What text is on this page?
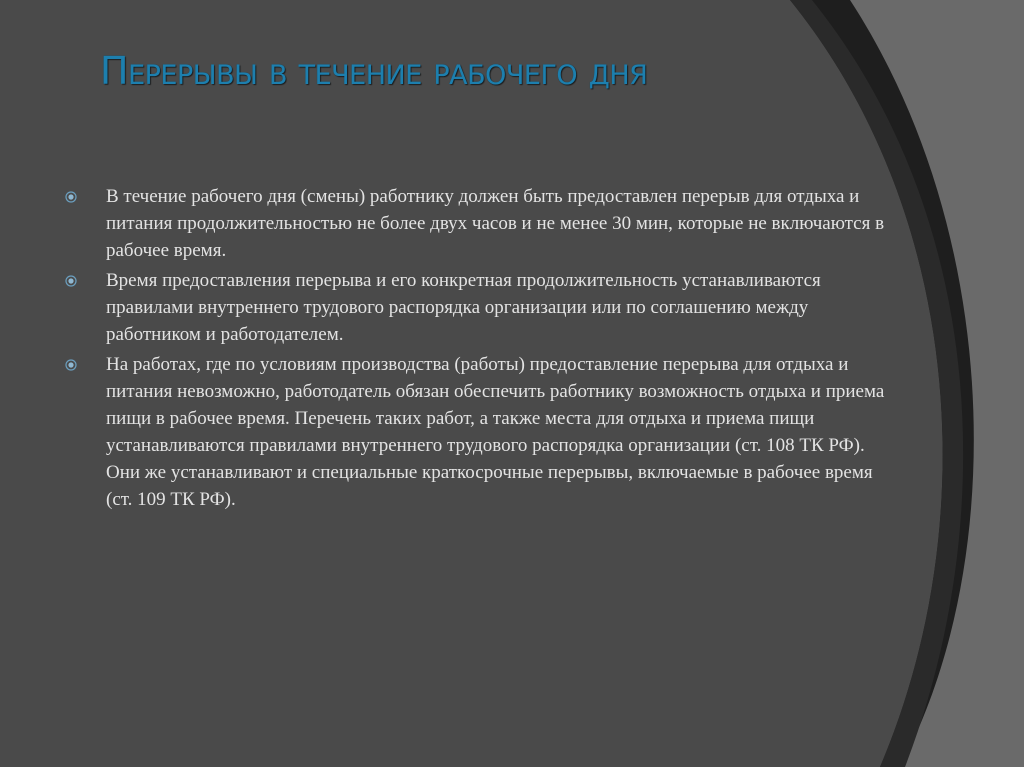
Перерывы в течение рабочего дня
В течение рабочего дня (смены) работнику должен быть предоставлен перерыв для отдыха и питания продолжительностью не более двух часов и не менее 30 мин, которые не включаются в рабочее время.
Время предоставления перерыва и его конкретная продолжительность устанавливаются правилами внутреннего трудового распорядка организации или по соглашению между работником и работодателем.
На работах, где по условиям производства (работы) предоставление перерыва для отдыха и питания невозможно, работодатель обязан обеспечить работнику возможность отдыха и приема пищи в рабочее время. Перечень таких работ, а также места для отдыха и приема пищи устанавливаются правилами внутреннего трудового распорядка организации (ст. 108 ТК РФ). Они же устанавливают и специальные краткосрочные перерывы, включаемые в рабочее время (ст. 109 ТК РФ).
